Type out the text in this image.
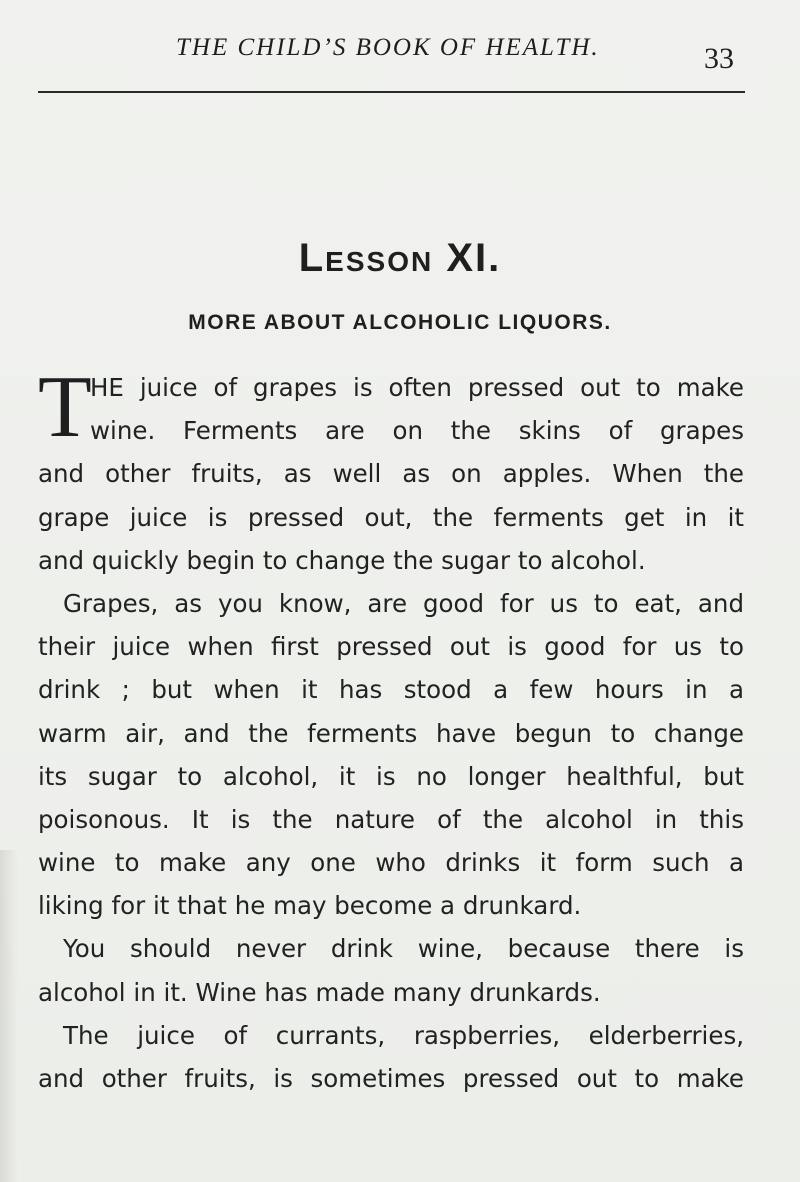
THE CHILD’S BOOK OF HEALTH.	33
Lesson XI.
MORE ABOUT ALCOHOLIC LIQUORS.
T
HE juice of grapes is often pressed out to make
wine. Ferments are on the skins of grapes
and other fruits, as well as on apples. When the
grape juice is pressed out, the ferments get in it
and quickly begin to change the sugar to alcohol.
Grapes, as you know, are good for us to eat, and
their juice when first pressed out is good for us to
drink ; but when it has stood a few hours in a
warm air, and the ferments have begun to change
its sugar to alcohol, it is no longer healthful, but
poisonous. It is the nature of the alcohol in this
wine to make any one who drinks it form such a
liking for it that he may become a drunkard.
You should never drink wine, because there is
alcohol in it. Wine has made many drunkards.
The juice of currants, raspberries, elderberries,
and other fruits, is sometimes pressed out to make
